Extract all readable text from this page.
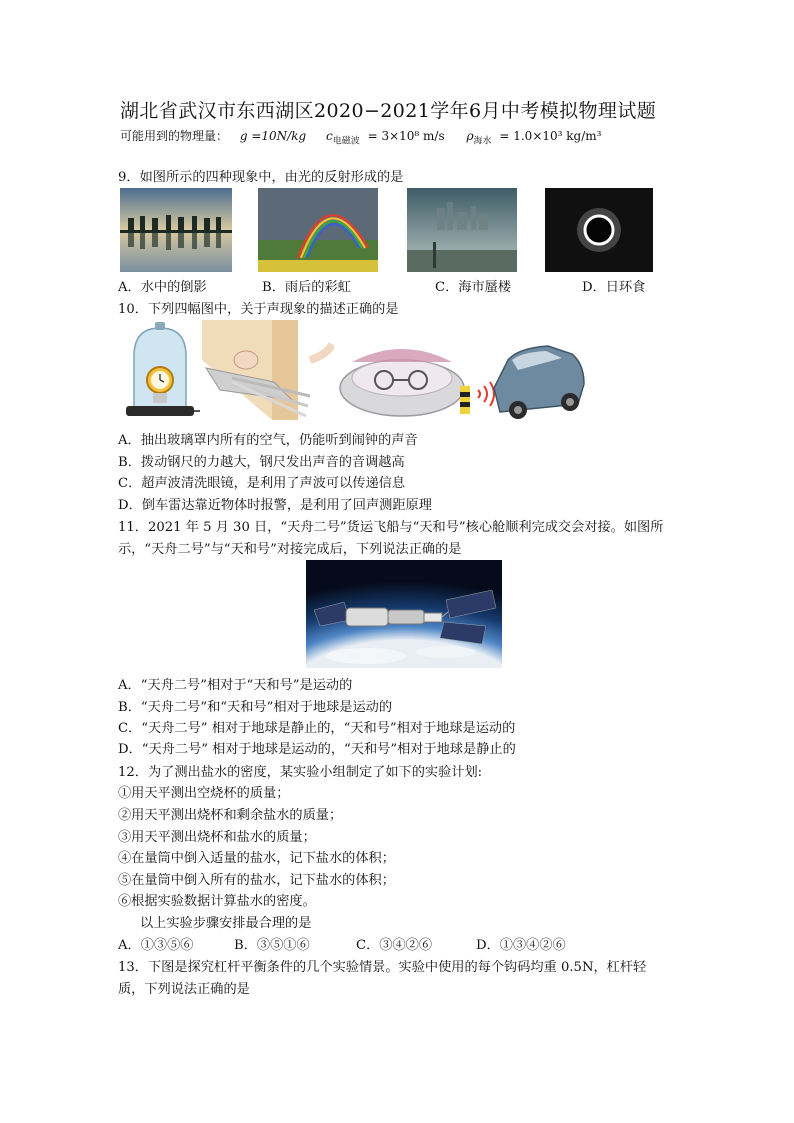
湖北省武汉市东西湖区2020−2021学年6月中考模拟物理试题
可能用到的物理量： g =10N/kg $c_{电磁波} = 3\times 10^8$ m/s $\rho_{海水} = 1.0\times 10^3$ kg/m³
9．如图所示的四种现象中，由光的反射形成的是
A．水中的倒影	B．雨后的彩虹	C．海市蜃楼	D．日环食
10．下列四幅图中，关于声现象的描述正确的是
A．抽出玻璃罩内所有的空气，仍能听到闹钟的声音
B．拨动钢尺的力越大，钢尺发出声音的音调越高
C．超声波清洗眼镜，是利用了声波可以传递信息
D．倒车雷达靠近物体时报警，是利用了回声测距原理
11．2021 年 5 月 30 日，“天舟二号”货运飞船与“天和号”核心舱顺利完成交会对接。如图所
示，“天舟二号”与“天和号”对接完成后，下列说法正确的是
A．“天舟二号”相对于“天和号”是运动的
B．“天舟二号”和“天和号”相对于地球是运动的
C．“天舟二号” 相对于地球是静止的，“天和号”相对于地球是运动的
D．“天舟二号” 相对于地球是运动的，“天和号”相对于地球是静止的
12．为了测出盐水的密度，某实验小组制定了如下的实验计划:
①用天平测出空烧杯的质量；
②用天平测出烧杯和剩余盐水的质量；
③用天平测出烧杯和盐水的质量；
④在量筒中倒入适量的盐水，记下盐水的体积；
⑤在量筒中倒入所有的盐水，记下盐水的体积；
⑥根据实验数据计算盐水的密度。
以上实验步骤安排最合理的是
A．①③⑤⑥	B．③⑤①⑥	C．③④②⑥	D．①③④②⑥
13．下图是探究杠杆平衡条件的几个实验情景。实验中使用的每个钩码均重 0.5N，杠杆轻
质，下列说法正确的是
